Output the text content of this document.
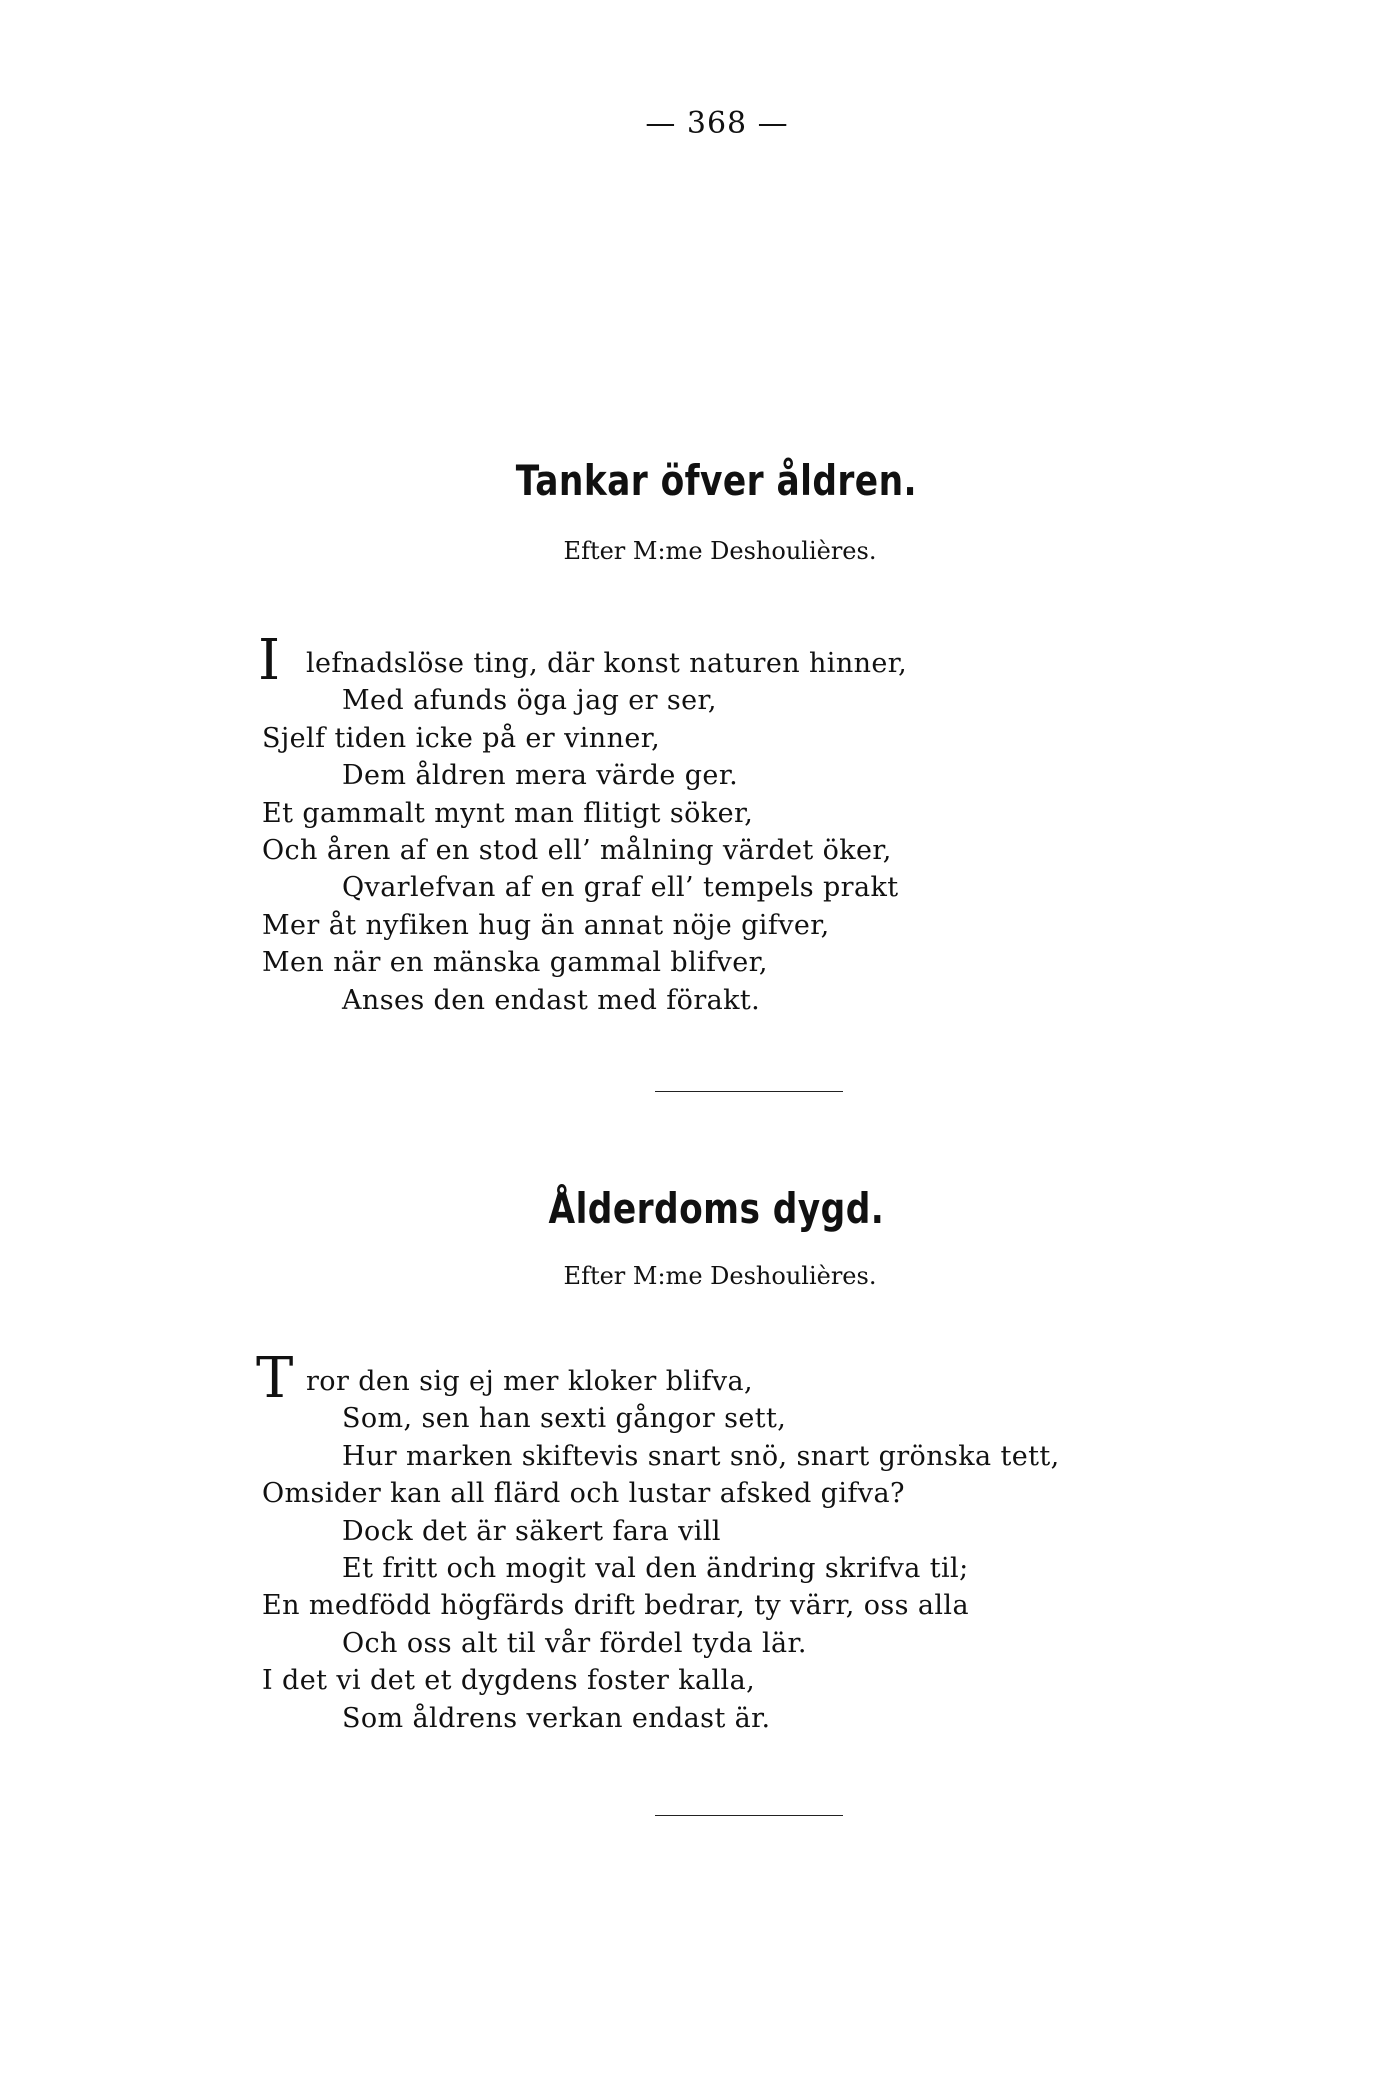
— 368 —
Tankar öfver åldren.
Efter M:me Deshoulières.
I lefnadslöse ting, där konst naturen hinner,
Med afunds öga jag er ser,
Sjelf tiden icke på er vinner,
Dem åldren mera värde ger.
Et gammalt mynt man flitigt söker,
Och åren af en stod ell’ målning värdet öker,
Qvarlefvan af en graf ell’ tempels prakt
Mer åt nyfiken hug än annat nöje gifver,
Men när en mänska gammal blifver,
Anses den endast med förakt.
Ålderdoms dygd.
Efter M:me Deshoulières.
T ror den sig ej mer kloker blifva,
Som, sen han sexti gångor sett,
Hur marken skiftevis snart snö, snart grönska tett,
Omsider kan all flärd och lustar afsked gifva?
Dock det är säkert fara vill
Et fritt och mogit val den ändring skrifva til;
En medfödd högfärds drift bedrar, ty värr, oss alla
Och oss alt til vår fördel tyda lär.
I det vi det et dygdens foster kalla,
Som åldrens verkan endast är.
